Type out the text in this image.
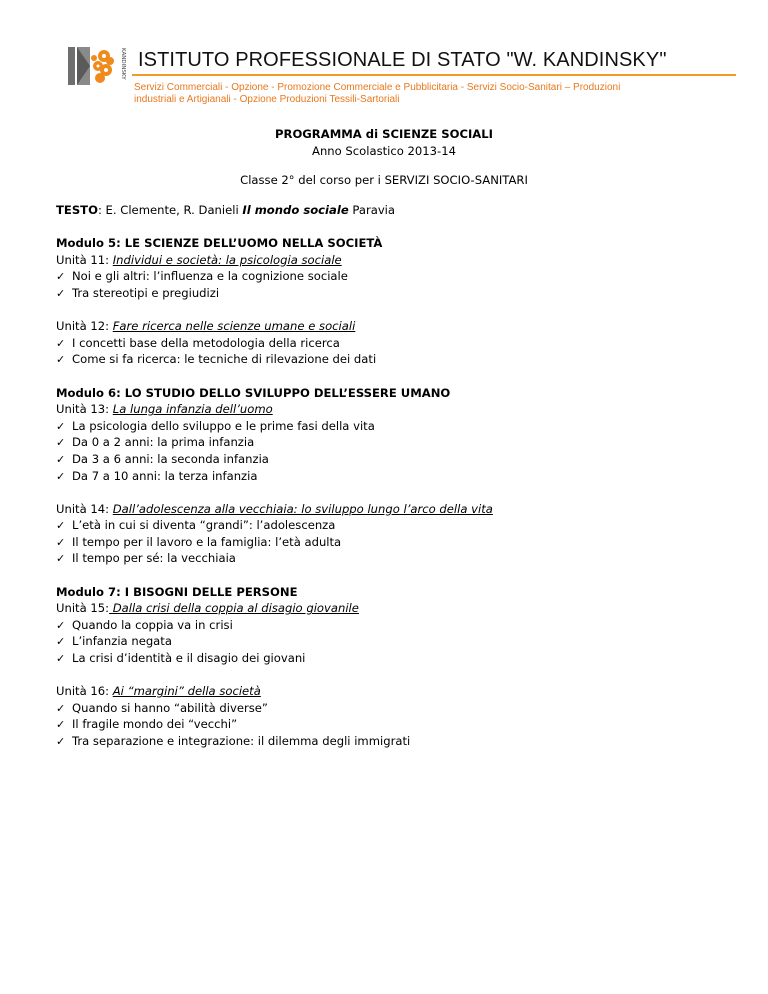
KANDINSKY ISTITUTO PROFESSIONALE DI STATO "W. KANDINSKY"
Servizi Commerciali - Opzione - Promozione Commerciale e Pubblicitaria - Servizi Socio-Sanitari – Produzioni
industriali e Artigianali - Opzione Produzioni Tessili-Sartoriali
PROGRAMMA di SCIENZE SOCIALI
Anno Scolastico 2013-14
Classe 2° del corso per i SERVIZI SOCIO-SANITARI
TESTO: E. Clemente, R. Danieli Il mondo sociale Paravia
Modulo 5: LE SCIENZE DELL’UOMO NELLA SOCIETÀ
Unità 11: Individui e società: la psicologia sociale
✓ Noi e gli altri: l’influenza e la cognizione sociale
✓ Tra stereotipi e pregiudizi
Unità 12: Fare ricerca nelle scienze umane e sociali
✓ I concetti base della metodologia della ricerca
✓ Come si fa ricerca: le tecniche di rilevazione dei dati
Modulo 6: LO STUDIO DELLO SVILUPPO DELL’ESSERE UMANO
Unità 13: La lunga infanzia dell’uomo
✓ La psicologia dello sviluppo e le prime fasi della vita
✓ Da 0 a 2 anni: la prima infanzia
✓ Da 3 a 6 anni: la seconda infanzia
✓ Da 7 a 10 anni: la terza infanzia
Unità 14: Dall’adolescenza alla vecchiaia: lo sviluppo lungo l’arco della vita
✓ L’età in cui si diventa “grandi”: l’adolescenza
✓ Il tempo per il lavoro e la famiglia: l’età adulta
✓ Il tempo per sé: la vecchiaia
Modulo 7: I BISOGNI DELLE PERSONE
Unità 15: Dalla crisi della coppia al disagio giovanile
✓ Quando la coppia va in crisi
✓ L’infanzia negata
✓ La crisi d’identità e il disagio dei giovani
Unità 16: Ai “margini” della società
✓ Quando si hanno “abilità diverse”
✓ Il fragile mondo dei “vecchi”
✓ Tra separazione e integrazione: il dilemma degli immigrati
